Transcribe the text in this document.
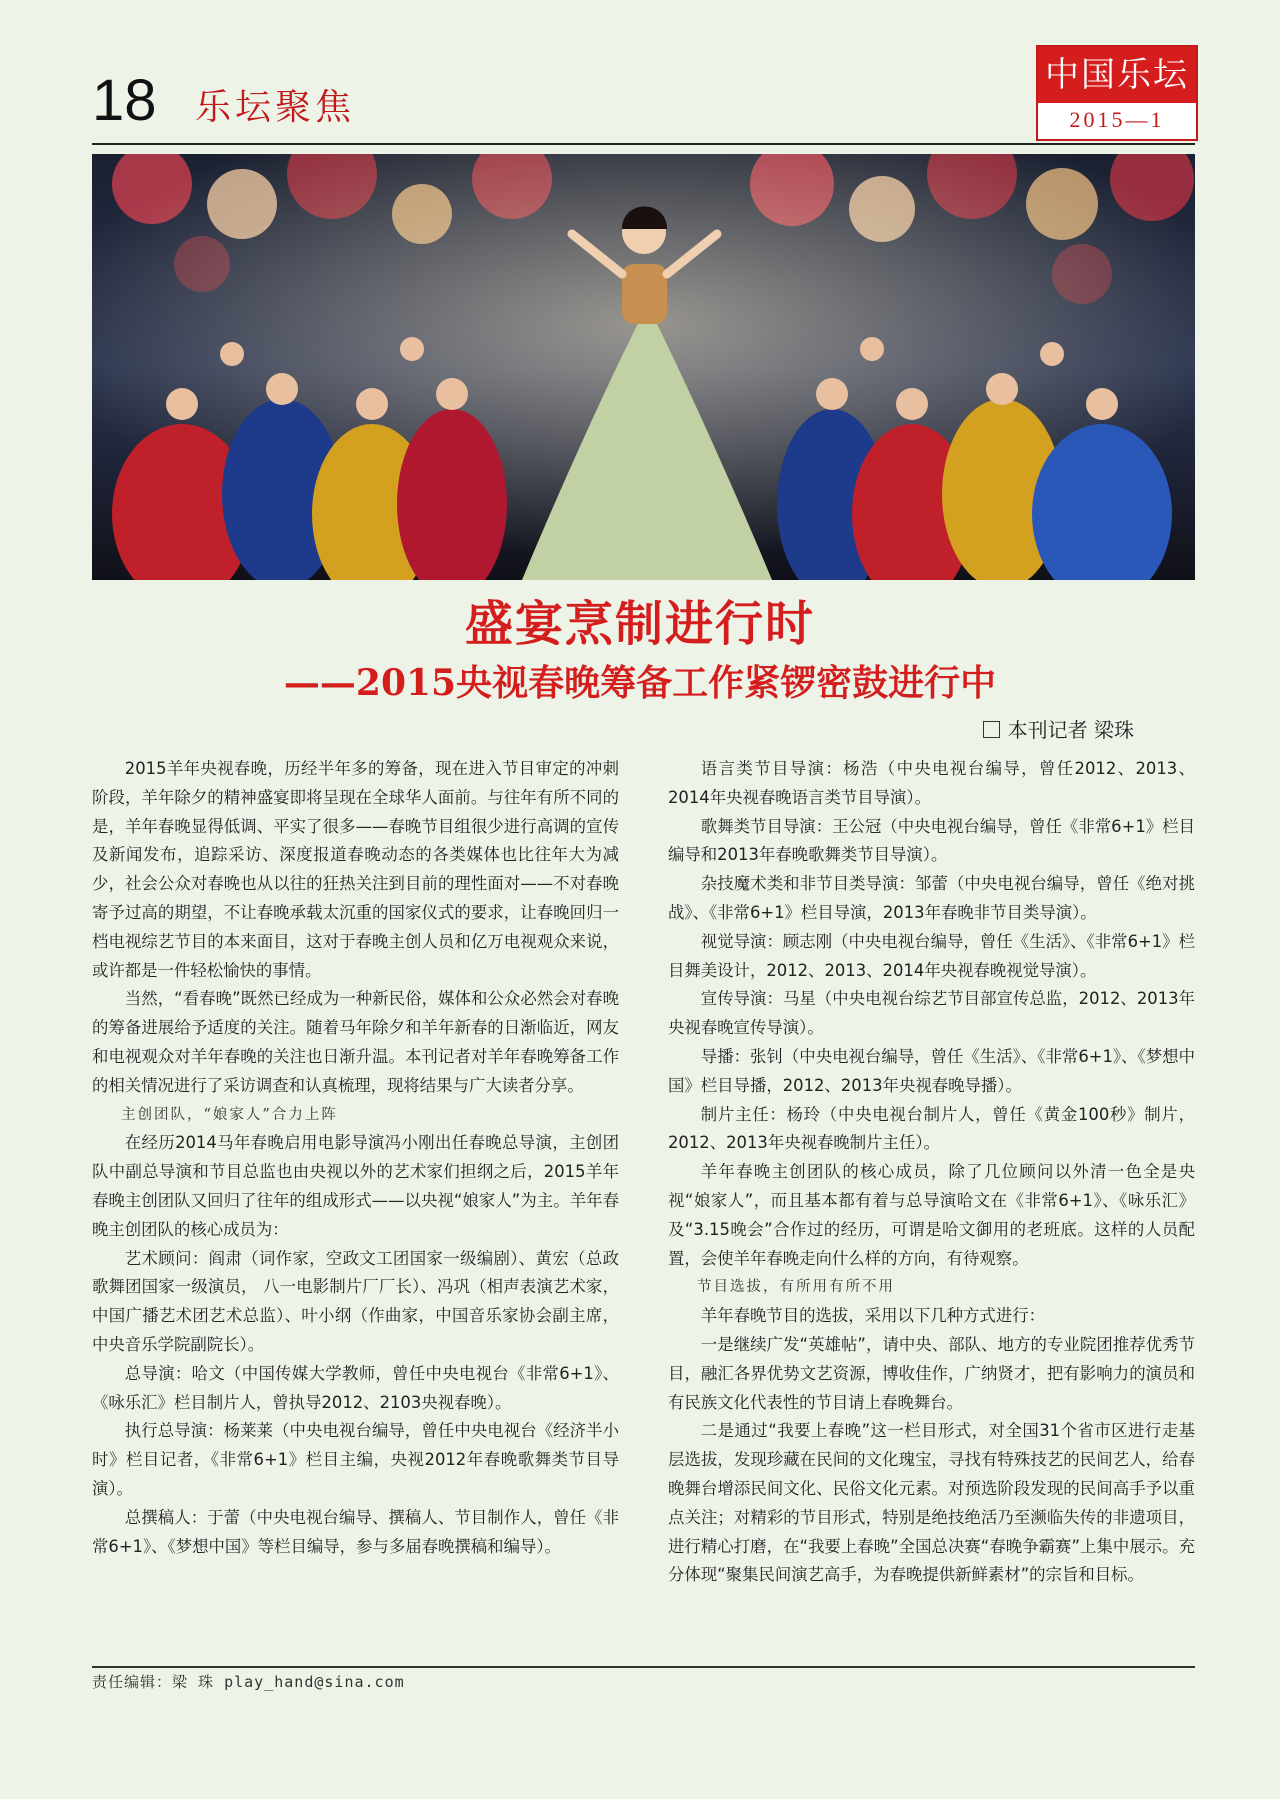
18 乐坛聚焦
中国乐坛
2015—1
盛宴烹制进行时
——2015央视春晚筹备工作紧锣密鼓进行中
本刊记者 梁珠

2015羊年央视春晚，历经半年多的筹备，现在进入节目审定的冲刺阶段，羊年除夕的精神盛宴即将呈现在全球华人面前。与往年有所不同的是，羊年春晚显得低调、平实了很多——春晚节目组很少进行高调的宣传及新闻发布，追踪采访、深度报道春晚动态的各类媒体也比往年大为减少，社会公众对春晚也从以往的狂热关注到目前的理性面对——不对春晚寄予过高的期望，不让春晚承载太沉重的国家仪式的要求，让春晚回归一档电视综艺节目的本来面目，这对于春晚主创人员和亿万电视观众来说，或许都是一件轻松愉快的事情。

当然，“看春晚”既然已经成为一种新民俗，媒体和公众必然会对春晚的筹备进展给予适度的关注。随着马年除夕和羊年新春的日渐临近，网友和电视观众对羊年春晚的关注也日渐升温。本刊记者对羊年春晚筹备工作的相关情况进行了采访调查和认真梳理，现将结果与广大读者分享。

主创团队，“娘家人”合力上阵

在经历2014马年春晚启用电影导演冯小刚出任春晚总导演，主创团队中副总导演和节目总监也由央视以外的艺术家们担纲之后，2015羊年春晚主创团队又回归了往年的组成形式——以央视“娘家人”为主。羊年春晚主创团队的核心成员为：

艺术顾问：阎肃（词作家，空政文工团国家一级编剧）、黄宏（总政歌舞团国家一级演员， 八一电影制片厂厂长）、冯巩（相声表演艺术家，中国广播艺术团艺术总监）、叶小纲（作曲家，中国音乐家协会副主席，中央音乐学院副院长）。

总导演：哈文（中国传媒大学教师，曾任中央电视台《非常6+1》、《咏乐汇》栏目制片人，曾执导2012、2103央视春晚）。

执行总导演：杨莱莱（中央电视台编导，曾任中央电视台《经济半小时》栏目记者，《非常6+1》栏目主编，央视2012年春晚歌舞类节目导演）。

总撰稿人：于蕾（中央电视台编导、撰稿人、节目制作人，曾任《非常6+1》、《梦想中国》等栏目编导，参与多届春晚撰稿和编导）。

语言类节目导演：杨浩（中央电视台编导，曾任2012、2013、2014年央视春晚语言类节目导演）。

歌舞类节目导演：王公冠（中央电视台编导，曾任《非常6+1》栏目编导和2013年春晚歌舞类节目导演）。

杂技魔术类和非节目类导演：邹蕾（中央电视台编导，曾任《绝对挑战》、《非常6+1》栏目导演，2013年春晚非节目类导演）。

视觉导演：顾志刚（中央电视台编导，曾任《生活》、《非常6+1》栏目舞美设计，2012、2013、2014年央视春晚视觉导演）。

宣传导演：马星（中央电视台综艺节目部宣传总监，2012、2013年央视春晚宣传导演）。

导播：张钊（中央电视台编导，曾任《生活》、《非常6+1》、《梦想中国》栏目导播，2012、2013年央视春晚导播）。

制片主任：杨玲（中央电视台制片人，曾任《黄金100秒》制片，2012、2013年央视春晚制片主任）。

羊年春晚主创团队的核心成员，除了几位顾问以外清一色全是央视“娘家人”，而且基本都有着与总导演哈文在《非常6+1》、《咏乐汇》及“3.15晚会”合作过的经历，可谓是哈文御用的老班底。这样的人员配置，会使羊年春晚走向什么样的方向，有待观察。

节目选拔，有所用有所不用

羊年春晚节目的选拔，采用以下几种方式进行：

一是继续广发“英雄帖”，请中央、部队、地方的专业院团推荐优秀节目，融汇各界优势文艺资源，博收佳作，广纳贤才，把有影响力的演员和有民族文化代表性的节目请上春晚舞台。

二是通过“我要上春晚”这一栏目形式，对全国31个省市区进行走基层选拔，发现珍藏在民间的文化瑰宝，寻找有特殊技艺的民间艺人，给春晚舞台增添民间文化、民俗文化元素。对预选阶段发现的民间高手予以重点关注；对精彩的节目形式，特别是绝技绝活乃至濒临失传的非遗项目，进行精心打磨，在“我要上春晚”全国总决赛“春晚争霸赛”上集中展示。充分体现“聚集民间演艺高手，为春晚提供新鲜素材”的宗旨和目标。

责任编辑：梁 珠 play_hand@sina.com
